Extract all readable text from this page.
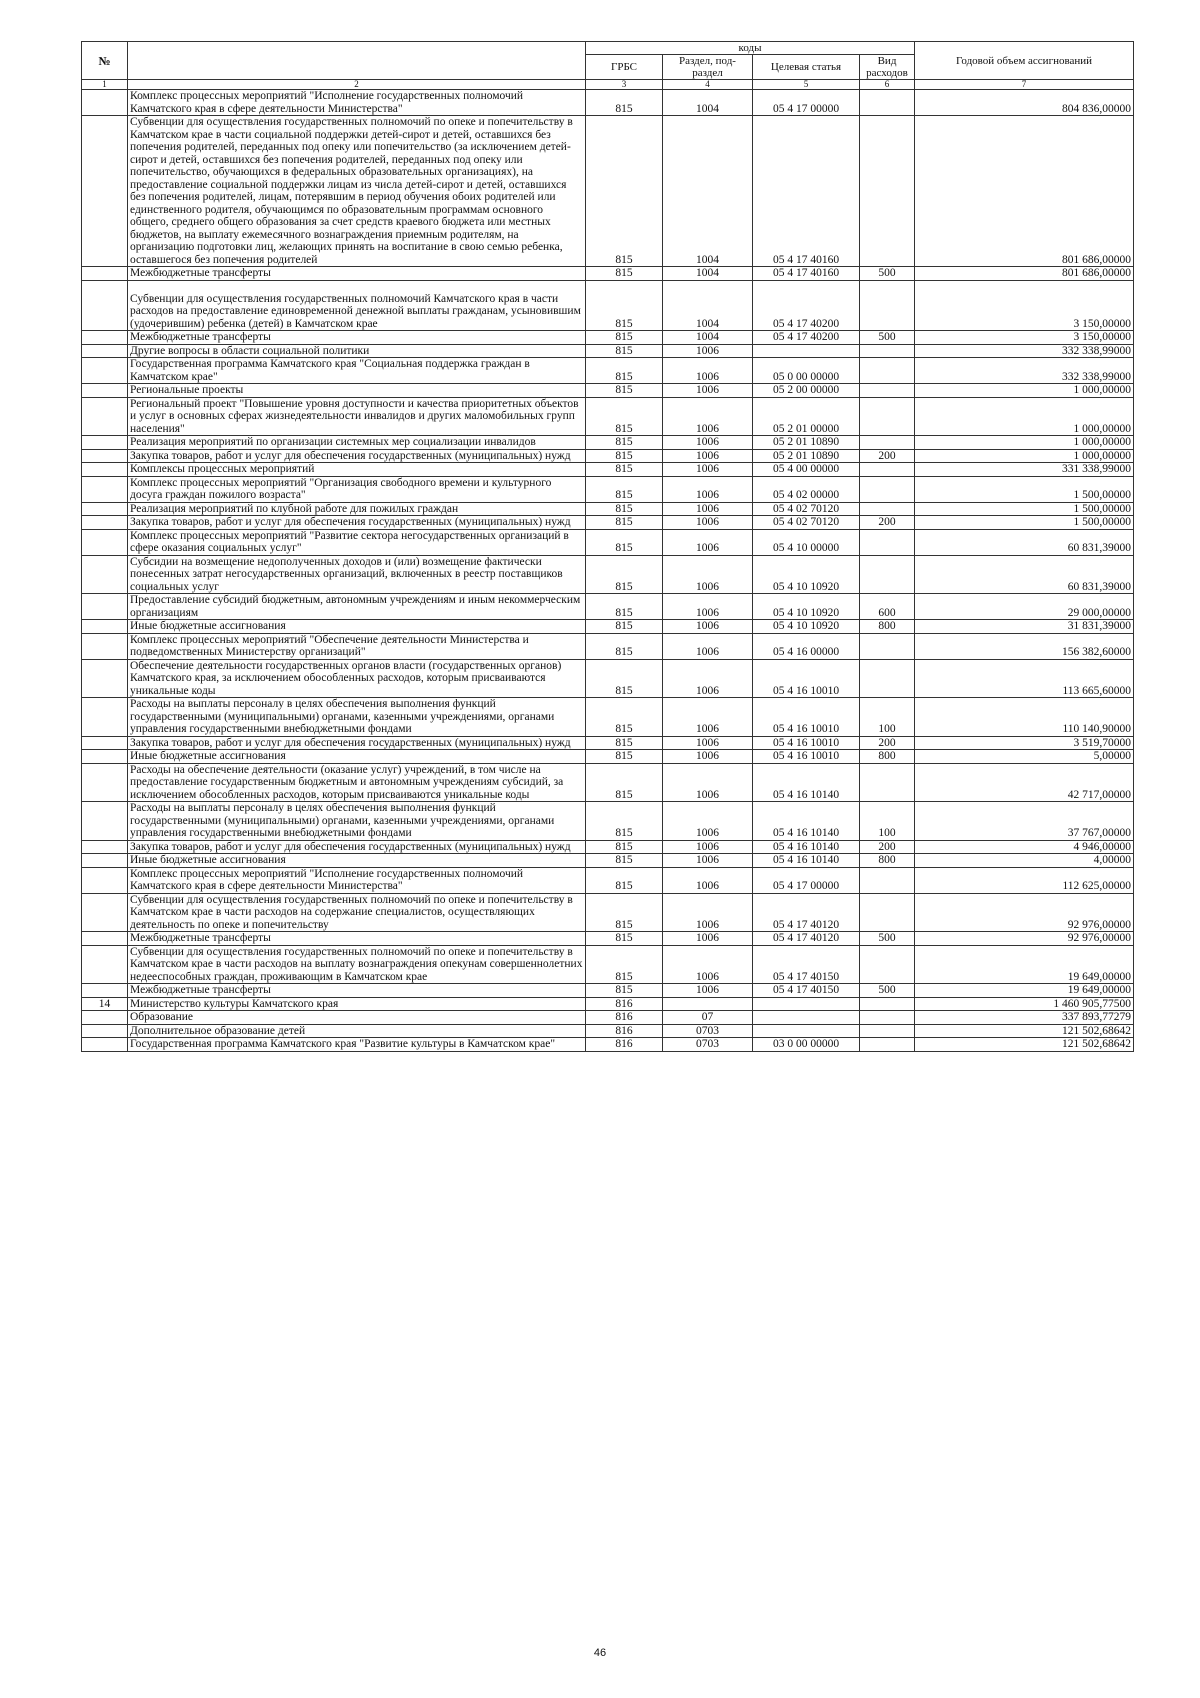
№		коды				Годовой объем ассигнований
		ГРБС	Раздел, под-раздел	Целевая статья	Вид расходов	
1	2	3	4	5	6	7
	Комплекс процессных мероприятий "Исполнение государственных полномочий Камчатского края в сфере деятельности Министерства"	815	1004	05 4 17 00000		804 836,00000
	Субвенции для осуществления государственных полномочий по опеке и попечительству в Камчатском крае в части социальной поддержки детей-сирот и детей, оставшихся без попечения родителей, переданных под опеку или попечительство (за исключением детей-сирот и детей, оставшихся без попечения родителей, переданных под опеку или попечительство, обучающихся в федеральных образовательных организациях), на предоставление социальной поддержки лицам из числа детей-сирот и детей, оставшихся без попечения родителей, лицам, потерявшим в период обучения обоих родителей или единственного родителя, обучающимся по образовательным программам основного общего, среднего общего образования за счет средств краевого бюджета или местных бюджетов, на выплату ежемесячного вознаграждения приемным родителям, на организацию подготовки лиц, желающих принять на воспитание в свою семью ребенка, оставшегося без попечения родителей	815	1004	05 4 17 40160		801 686,00000
	Межбюджетные трансферты	815	1004	05 4 17 40160	500	801 686,00000
	Субвенции для осуществления государственных полномочий Камчатского края в части расходов на предоставление единовременной денежной выплаты гражданам, усыновившим (удочерившим) ребенка (детей) в Камчатском крае	815	1004	05 4 17 40200		3 150,00000
	Межбюджетные трансферты	815	1004	05 4 17 40200	500	3 150,00000
	Другие вопросы в области социальной политики	815	1006			332 338,99000
	Государственная программа Камчатского края "Социальная поддержка граждан в Камчатском крае"	815	1006	05 0 00 00000		332 338,99000
	Региональные проекты	815	1006	05 2 00 00000		1 000,00000
	Региональный проект "Повышение уровня доступности и качества приоритетных объектов и услуг в основных сферах жизнедеятельности инвалидов и других маломобильных групп населения"	815	1006	05 2 01 00000		1 000,00000
	Реализация мероприятий по организации системных мер социализации инвалидов	815	1006	05 2 01 10890		1 000,00000
	Закупка товаров, работ и услуг для обеспечения государственных (муниципальных) нужд	815	1006	05 2 01 10890	200	1 000,00000
	Комплексы процессных мероприятий	815	1006	05 4 00 00000		331 338,99000
	Комплекс процессных мероприятий "Организация свободного времени и культурного досуга граждан пожилого возраста"	815	1006	05 4 02 00000		1 500,00000
	Реализация мероприятий по клубной работе для пожилых граждан	815	1006	05 4 02 70120		1 500,00000
	Закупка товаров, работ и услуг для обеспечения государственных (муниципальных) нужд	815	1006	05 4 02 70120	200	1 500,00000
	Комплекс процессных мероприятий "Развитие сектора негосударственных организаций в сфере оказания социальных услуг"	815	1006	05 4 10 00000		60 831,39000
	Субсидии на возмещение недополученных доходов и (или) возмещение фактически понесенных затрат негосударственных организаций, включенных в реестр поставщиков социальных услуг	815	1006	05 4 10 10920		60 831,39000
	Предоставление субсидий бюджетным, автономным учреждениям и иным некоммерческим организациям	815	1006	05 4 10 10920	600	29 000,00000
	Иные бюджетные ассигнования	815	1006	05 4 10 10920	800	31 831,39000
	Комплекс процессных мероприятий "Обеспечение деятельности Министерства и подведомственных Министерству организаций"	815	1006	05 4 16 00000		156 382,60000
	Обеспечение деятельности государственных органов власти (государственных органов) Камчатского края, за исключением обособленных расходов, которым присваиваются уникальные коды	815	1006	05 4 16 10010		113 665,60000
	Расходы на выплаты персоналу в целях обеспечения выполнения функций государственными (муниципальными) органами, казенными учреждениями, органами управления государственными внебюджетными фондами	815	1006	05 4 16 10010	100	110 140,90000
	Закупка товаров, работ и услуг для обеспечения государственных (муниципальных) нужд	815	1006	05 4 16 10010	200	3 519,70000
	Иные бюджетные ассигнования	815	1006	05 4 16 10010	800	5,00000
	Расходы на обеспечение деятельности (оказание услуг) учреждений, в том числе на предоставление государственным бюджетным и автономным учреждениям субсидий, за исключением обособленных расходов, которым присваиваются уникальные коды	815	1006	05 4 16 10140		42 717,00000
	Расходы на выплаты персоналу в целях обеспечения выполнения функций государственными (муниципальными) органами, казенными учреждениями, органами управления государственными внебюджетными фондами	815	1006	05 4 16 10140	100	37 767,00000
	Закупка товаров, работ и услуг для обеспечения государственных (муниципальных) нужд	815	1006	05 4 16 10140	200	4 946,00000
	Иные бюджетные ассигнования	815	1006	05 4 16 10140	800	4,00000
	Комплекс процессных мероприятий "Исполнение государственных полномочий Камчатского края в сфере деятельности Министерства"	815	1006	05 4 17 00000		112 625,00000
	Субвенции для осуществления государственных полномочий по опеке и попечительству в Камчатском крае в части расходов на содержание специалистов, осуществляющих деятельность по опеке и попечительству	815	1006	05 4 17 40120		92 976,00000
	Межбюджетные трансферты	815	1006	05 4 17 40120	500	92 976,00000
	Субвенции для осуществления государственных полномочий по опеке и попечительству в Камчатском крае в части расходов на выплату вознаграждения опекунам совершеннолетних недееспособных граждан, проживающим в Камчатском крае	815	1006	05 4 17 40150		19 649,00000
	Межбюджетные трансферты	815	1006	05 4 17 40150	500	19 649,00000
14	Министерство культуры Камчатского края	816				1 460 905,77500
	Образование	816	07			337 893,77279
	Дополнительное образование детей	816	0703			121 502,68642
	Государственная программа Камчатского края "Развитие культуры в Камчатском крае"	816	0703	03 0 00 00000		121 502,68642
46
